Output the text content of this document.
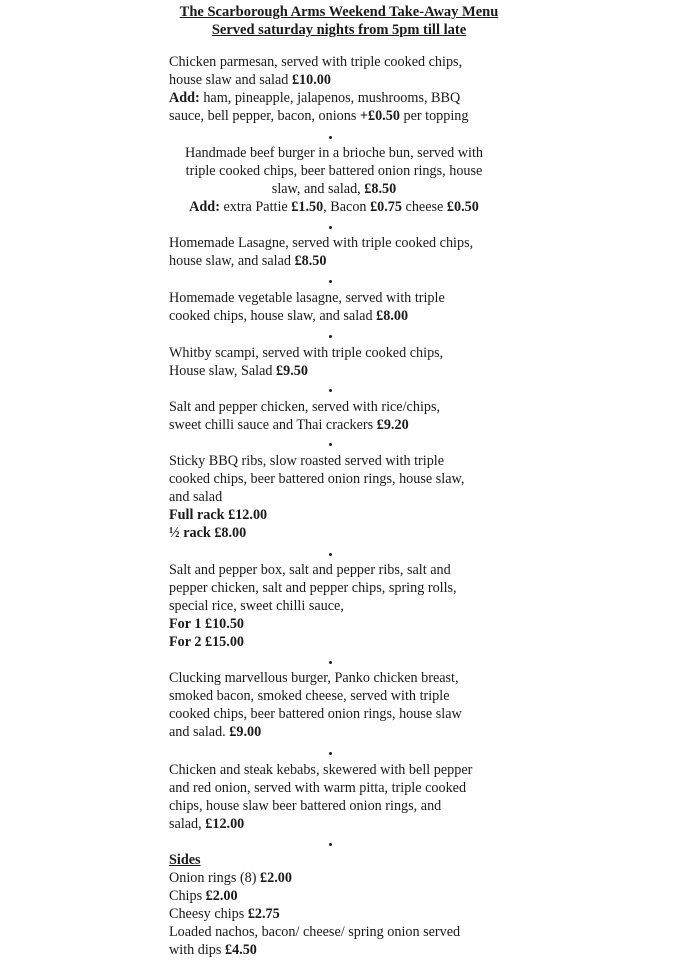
The Scarborough Arms Weekend Take-Away Menu
Served saturday nights from 5pm till late
Chicken parmesan, served with triple cooked chips,
house slaw and salad £10.00
Add: ham, pineapple, jalapenos, mushrooms, BBQ
sauce, bell pepper, bacon, onions +£0.50 per topping
Handmade beef burger in a brioche bun, served with
triple cooked chips, beer battered onion rings, house
slaw, and salad, £8.50
Add: extra Pattie £1.50, Bacon £0.75 cheese £0.50
Homemade Lasagne, served with triple cooked chips,
house slaw, and salad £8.50
Homemade vegetable lasagne, served with triple
cooked chips, house slaw, and salad £8.00
Whitby scampi, served with triple cooked chips,
House slaw, Salad £9.50
Salt and pepper chicken, served with rice/chips,
sweet chilli sauce and Thai crackers £9.20
Sticky BBQ ribs, slow roasted served with triple
cooked chips, beer battered onion rings, house slaw,
and salad
Full rack £12.00
½ rack £8.00
Salt and pepper box, salt and pepper ribs, salt and
pepper chicken, salt and pepper chips, spring rolls,
special rice, sweet chilli sauce,
For 1 £10.50
For 2 £15.00
Clucking marvellous burger, Panko chicken breast,
smoked bacon, smoked cheese, served with triple
cooked chips, beer battered onion rings, house slaw
and salad. £9.00
Chicken and steak kebabs, skewered with bell pepper
and red onion, served with warm pitta, triple cooked
chips, house slaw beer battered onion rings, and
salad, £12.00
Sides
Onion rings (8) £2.00
Chips £2.00
Cheesy chips £2.75
Loaded nachos, bacon/ cheese/ spring onion served
with dips £4.50
